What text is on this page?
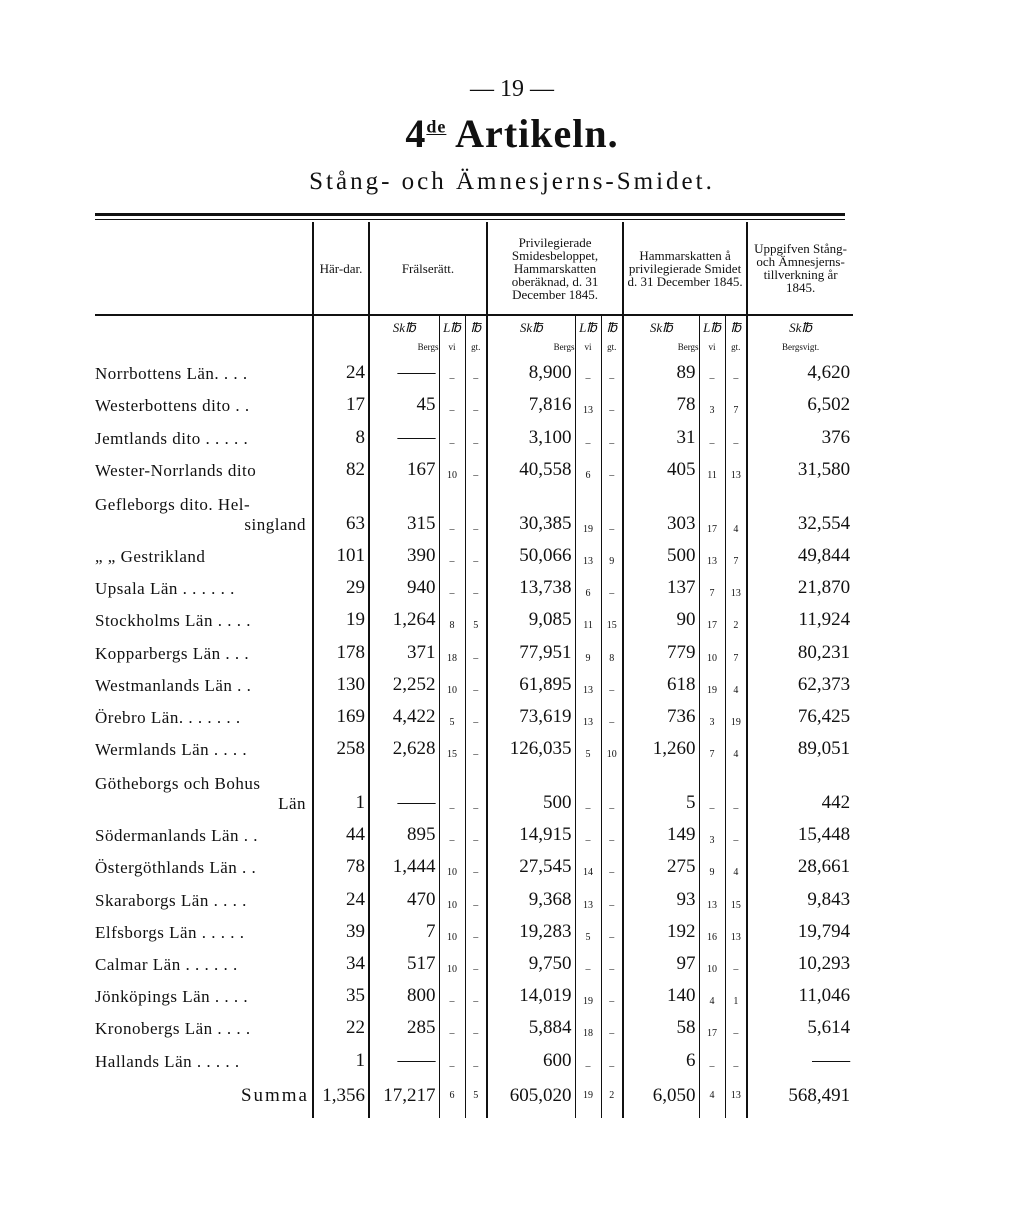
— 19 —
4de Artikeln.
Stång- och Ämnesjerns-Smidet.
	Här-dar.	Frälserätt.			Privilegierade Smidesbeloppet, Hammarskatten oberäknad, d. 31 December 1845.			Hammarskatten å privilegierade Smidet d. 31 December 1845.			Uppgifven Stång- och Ämnesjerns-tillverkning år 1845.
		Sk℔	L℔	℔	Sk℔	L℔	℔	Sk℔	L℔	℔	Sk℔
		Bergs	vi	gt.	Bergs	vi	gt.	Bergs	vi	gt.	Bergsvigt.
Norrbottens Län. . . .	24	——	–	–	8,900	–	–	89	–	–	4,620
Westerbottens dito . .	17	45	–	–	7,816	13	–	78	3	7	6,502
Jemtlands dito . . . . .	8	——	–	–	3,100	–	–	31	–	–	376
Wester-Norrlands dito	82	167	10	–	40,558	6	–	405	11	13	31,580
Gefleborgs dito. Hel-
singland	63	315	–	–	30,385	19	–	303	17	4	32,554
„ „ Gestrikland	101	390	–	–	50,066	13	9	500	13	7	49,844
Upsala Län . . . . . .	29	940	–	–	13,738	6	–	137	7	13	21,870
Stockholms Län . . . .	19	1,264	8	5	9,085	11	15	90	17	2	11,924
Kopparbergs Län . . .	178	371	18	–	77,951	9	8	779	10	7	80,231
Westmanlands Län . .	130	2,252	10	–	61,895	13	–	618	19	4	62,373
Örebro Län. . . . . . .	169	4,422	5	–	73,619	13	–	736	3	19	76,425
Wermlands Län . . . .	258	2,628	15	–	126,035	5	10	1,260	7	4	89,051
Götheborgs och Bohus
Län	1	——	–	–	500	–	–	5	–	–	442
Södermanlands Län . .	44	895	–	–	14,915	–	–	149	3	–	15,448
Östergöthlands Län . .	78	1,444	10	–	27,545	14	–	275	9	4	28,661
Skaraborgs Län . . . .	24	470	10	–	9,368	13	–	93	13	15	9,843
Elfsborgs Län . . . . .	39	7	10	–	19,283	5	–	192	16	13	19,794
Calmar Län . . . . . .	34	517	10	–	9,750	–	–	97	10	–	10,293
Jönköpings Län . . . .	35	800	–	–	14,019	19	–	140	4	1	11,046
Kronobergs Län . . . .	22	285	–	–	5,884	18	–	58	17	–	5,614
Hallands Län . . . . .	1	——	–	–	600	–	–	6	–	–	——
Summa	1,356	17,217	6	5	605,020	19	2	6,050	4	13	568,491
